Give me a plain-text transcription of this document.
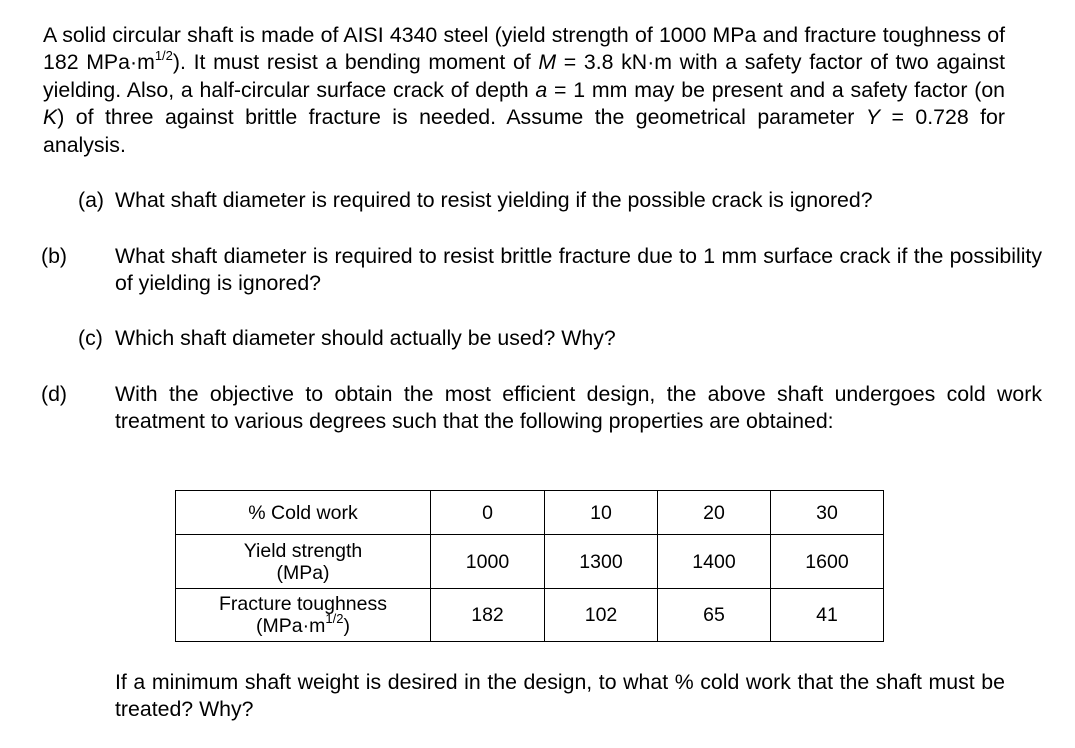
A solid circular shaft is made of AISI 4340 steel (yield strength of 1000 MPa and fracture toughness of 182 $MPa\cdot m^{1/2}$). It must resist a bending moment of M = 3.8 kN·m with a safety factor of two against yielding. Also, a half-circular surface crack of depth a = 1 mm may be present and a safety factor (on K) of three against brittle fracture is needed. Assume the geometrical parameter Y = 0.728 for analysis.

(a) What shaft diameter is required to resist yielding if the possible crack is ignored?

(b) What shaft diameter is required to resist brittle fracture due to 1 mm surface crack if the possibility of yielding is ignored?

(c) Which shaft diameter should actually be used? Why?

(d) With the objective to obtain the most efficient design, the above shaft undergoes cold work treatment to various degrees such that the following properties are obtained:

% Cold work	0	10	20	30
Yield strength
(MPa)	1000	1300	1400	1600
Fracture toughness
$(MPa\cdot m^{1/2})$	182	102	65	41

If a minimum shaft weight is desired in the design, to what % cold work that the shaft must be treated? Why?
